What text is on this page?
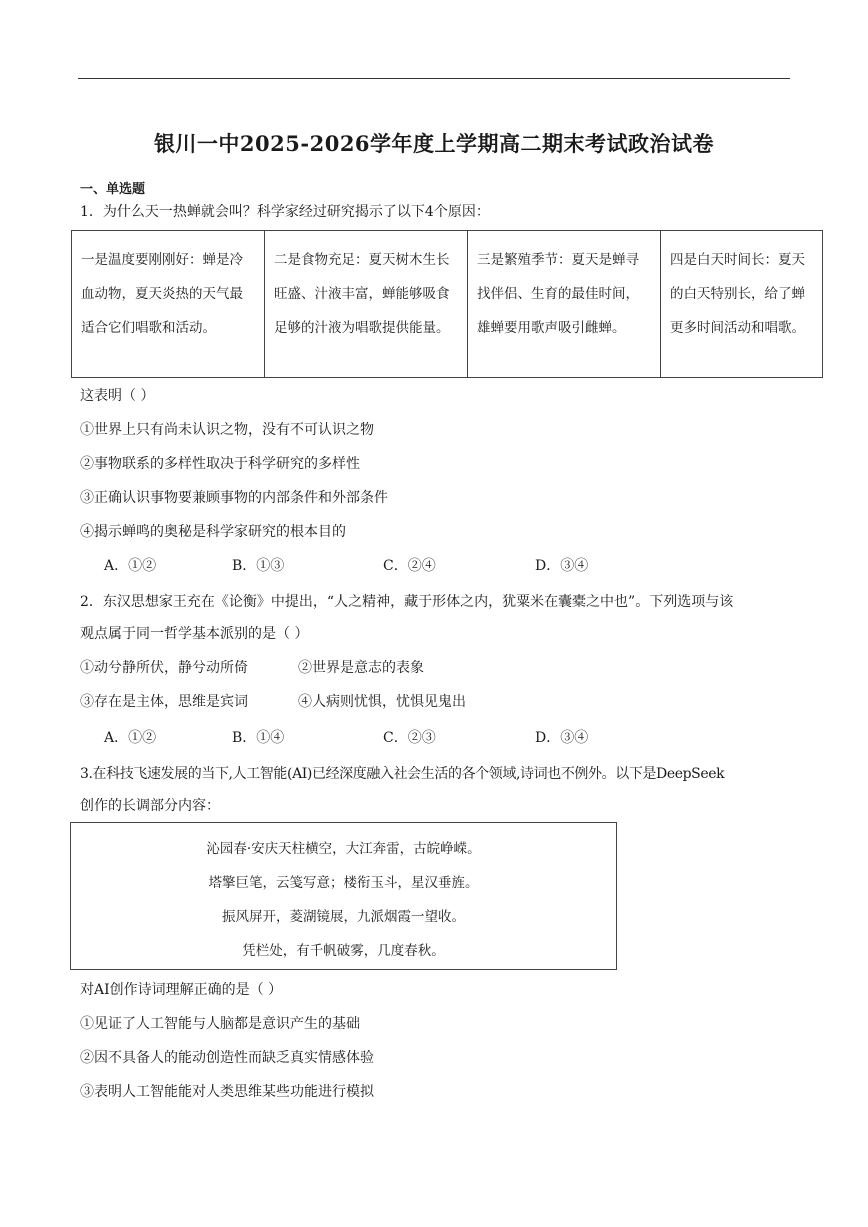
银川一中2025-2026学年度上学期高二期末考试政治试卷
一、单选题
1．为什么天一热蝉就会叫？科学家经过研究揭示了以下4个原因：
一是温度要刚刚好：蝉是冷血动物，夏天炎热的天气最适合它们唱歌和活动。	二是食物充足：夏天树木生长旺盛、汁液丰富，蝉能够吸食足够的汁液为唱歌提供能量。	三是繁殖季节：夏天是蝉寻找伴侣、生育的最佳时间，雄蝉要用歌声吸引雌蝉。	四是白天时间长：夏天的白天特别长，给了蝉更多时间活动和唱歌。
这表明（ ）
①世界上只有尚未认识之物，没有不可认识之物
②事物联系的多样性取决于科学研究的多样性
③正确认识事物要兼顾事物的内部条件和外部条件
④揭示蝉鸣的奥秘是科学家研究的根本目的
A．①②	B．①③	C．②④	D．③④
2．东汉思想家王充在《论衡》中提出，“人之精神，藏于形体之内，犹粟米在囊橐之中也”。下列选项与该
观点属于同一哲学基本派别的是（ ）
①动兮静所伏，静兮动所倚	②世界是意志的表象
③存在是主体，思维是宾词	④人病则忧惧，忧惧见鬼出
A．①②	B．①④	C．②③	D．③④
3.在科技飞速发展的当下,人工智能(AI)已经深度融入社会生活的各个领域,诗词也不例外。以下是DeepSeek
创作的长调部分内容：
沁园春·安庆天柱横空，大江奔雷，古皖峥嵘。
塔擎巨笔，云笺写意；楼衔玉斗，星汉垂旌。
振风屏开，菱湖镜展，九派烟霞一望收。
凭栏处，有千帆破雾，几度春秋。
对AI创作诗词理解正确的是（ ）
①见证了人工智能与人脑都是意识产生的基础
②因不具备人的能动创造性而缺乏真实情感体验
③表明人工智能能对人类思维某些功能进行模拟
